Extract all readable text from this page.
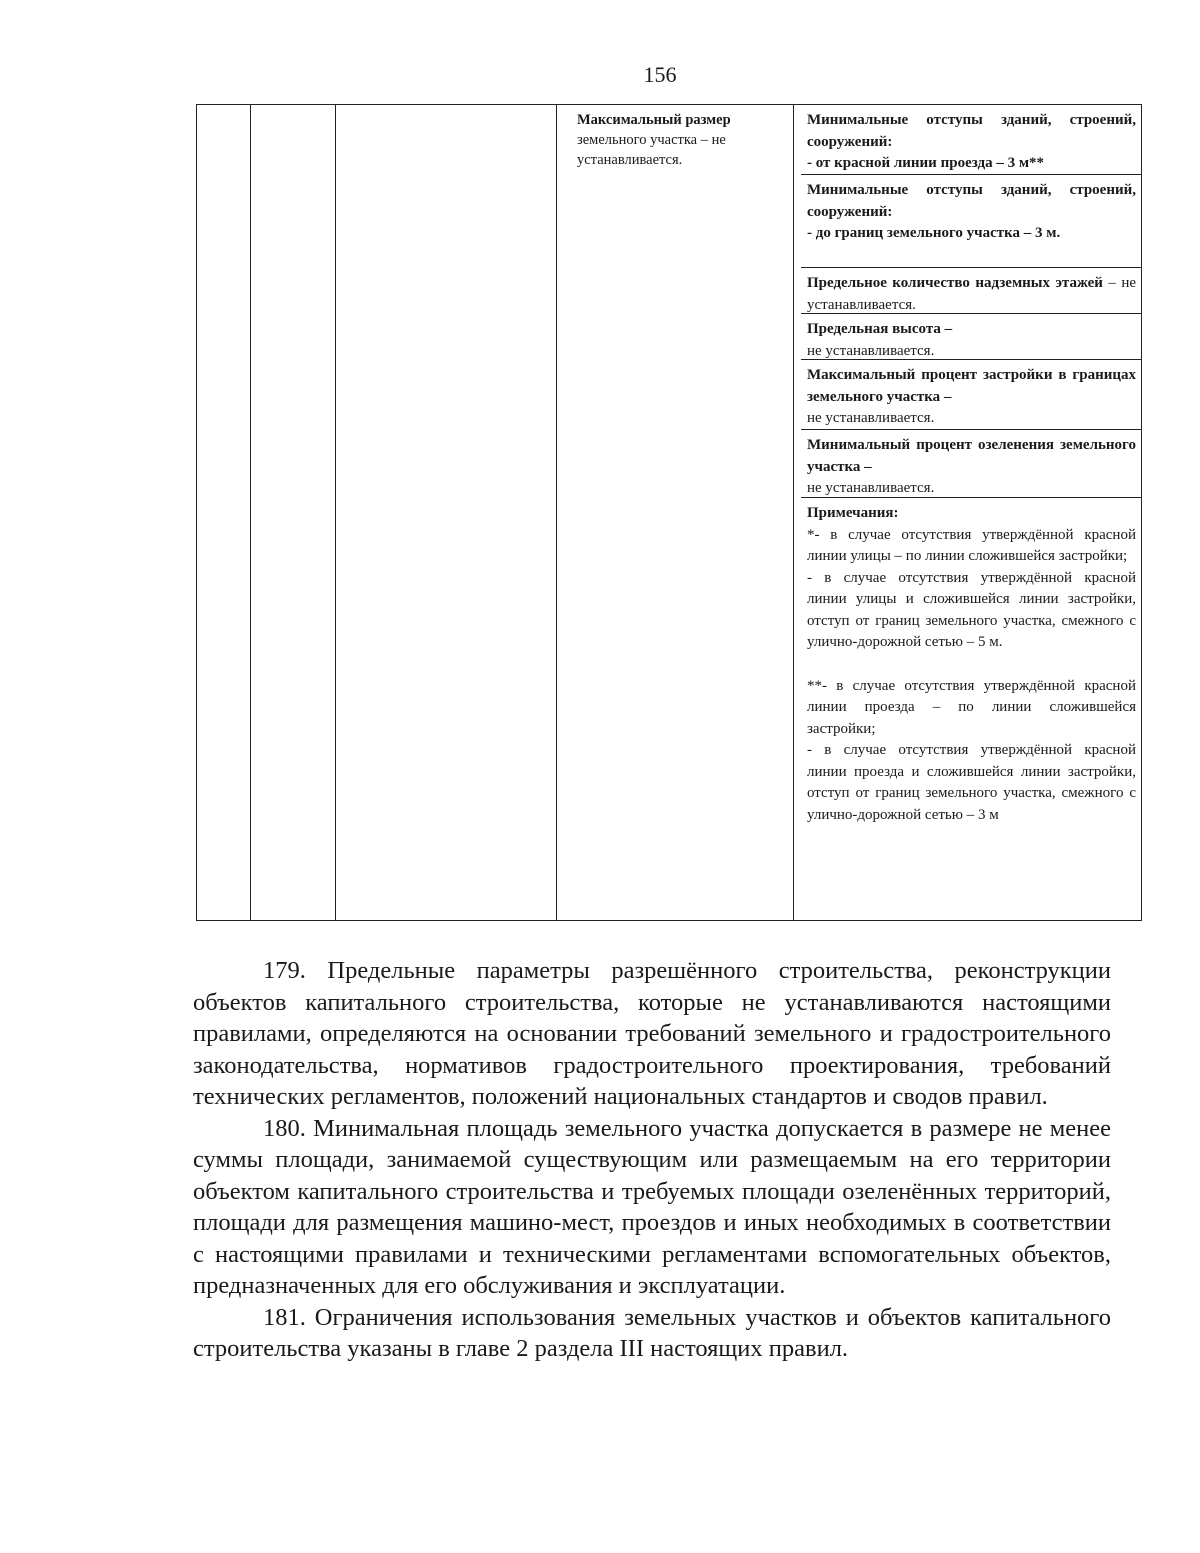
156
Максимальный размер земельного участка – не устанавливается.
Минимальные отступы зданий, строений, сооружений:
- от красной линии проезда – 3 м**
Минимальные отступы зданий, строений, сооружений:
- до границ земельного участка – 3 м.
Предельное количество надземных этажей – не устанавливается.
Предельная высота –
не устанавливается.
Максимальный процент застройки в границах земельного участка –
не устанавливается.
Минимальный процент озеленения земельного участка –
не устанавливается.
Примечания:
*- в случае отсутствия утверждённой красной линии улицы – по линии сложившейся застройки;
- в случае отсутствия утверждённой красной линии улицы и сложившейся линии застройки, отступ от границ земельного участка, смежного с улично-дорожной сетью – 5 м.
**- в случае отсутствия утверждённой красной линии проезда – по линии сложившейся застройки;
- в случае отсутствия утверждённой красной линии проезда и сложившейся линии застройки, отступ от границ земельного участка, смежного с улично-дорожной сетью – 3 м

179. Предельные параметры разрешённого строительства, реконструкции объектов капитального строительства, которые не устанавливаются настоящими правилами, определяются на основании требований земельного и градостроительного законодательства, нормативов градостроительного проектирования, требований технических регламентов, положений национальных стандартов и сводов правил.

180. Минимальная площадь земельного участка допускается в размере не менее суммы площади, занимаемой существующим или размещаемым на его территории объектом капитального строительства и требуемых площади озеленённых территорий, площади для размещения машино-мест, проездов и иных необходимых в соответствии с настоящими правилами и техническими регламентами вспомогательных объектов, предназначенных для его обслуживания и эксплуатации.

181. Ограничения использования земельных участков и объектов капитального строительства указаны в главе 2 раздела III настоящих правил.
